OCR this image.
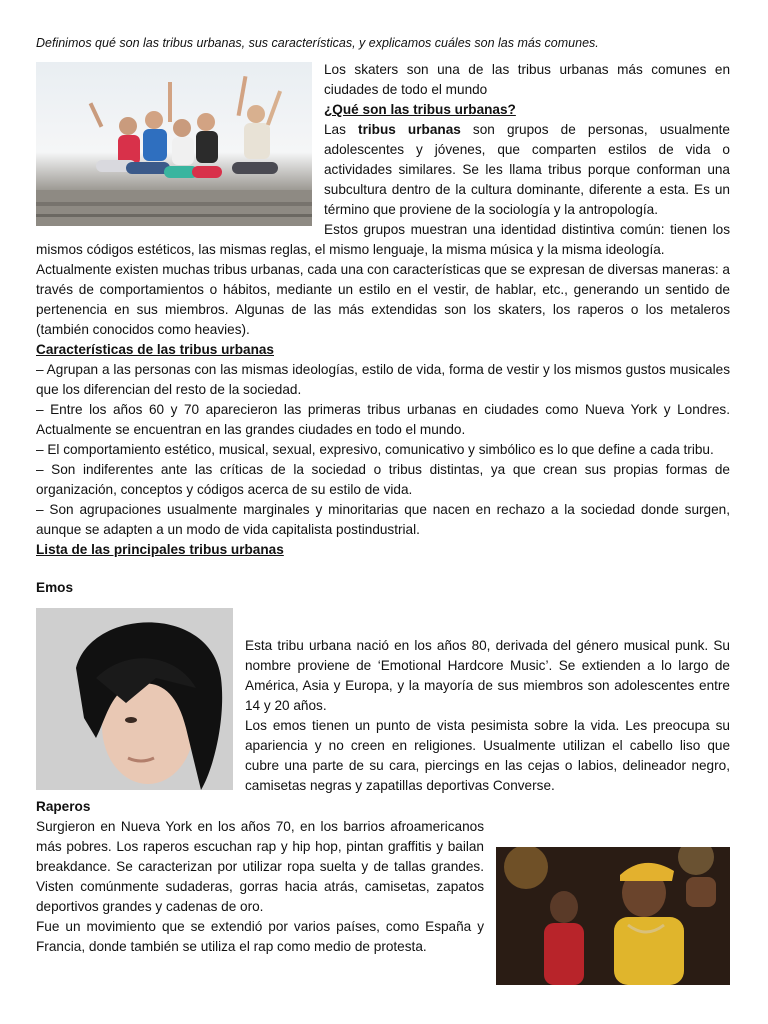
Definimos qué son las tribus urbanas, sus características, y explicamos cuáles son las más comunes.

Los skaters son una de las tribus urbanas más comunes en ciudades de todo el mundo

¿Qué son las tribus urbanas?

Las tribus urbanas son grupos de personas, usualmente adolescentes y jóvenes, que comparten estilos de vida o actividades similares. Se les llama tribus porque conforman una subcultura dentro de la cultura dominante, diferente a esta. Es un término que proviene de la sociología y la antropología.

Estos grupos muestran una identidad distintiva común: tienen los mismos códigos estéticos, las mismas reglas, el mismo lenguaje, la misma música y la misma ideología.

Actualmente existen muchas tribus urbanas, cada una con características que se expresan de diversas maneras: a través de comportamientos o hábitos, mediante un estilo en el vestir, de hablar, etc., generando un sentido de pertenencia en sus miembros. Algunas de las más extendidas son los skaters, los raperos o los metaleros (también conocidos como heavies).

Características de las tribus urbanas

– Agrupan a las personas con las mismas ideologías, estilo de vida, forma de vestir y los mismos gustos musicales que los diferencian del resto de la sociedad.

– Entre los años 60 y 70 aparecieron las primeras tribus urbanas en ciudades como Nueva York y Londres. Actualmente se encuentran en las grandes ciudades en todo el mundo.

– El comportamiento estético, musical, sexual, expresivo, comunicativo y simbólico es lo que define a cada tribu.

– Son indiferentes ante las críticas de la sociedad o tribus distintas, ya que crean sus propias formas de organización, conceptos y códigos acerca de su estilo de vida.

– Son agrupaciones usualmente marginales y minoritarias que nacen en rechazo a la sociedad donde surgen, aunque se adapten a un modo de vida capitalista postindustrial.

Lista de las principales tribus urbanas
Emos

Esta tribu urbana nació en los años 80, derivada del género musical punk. Su nombre proviene de ‘Emotional Hardcore Music’. Se extienden a lo largo de América, Asia y Europa, y la mayoría de sus miembros son adolescentes entre 14 y 20 años.

Los emos tienen un punto de vista pesimista sobre la vida. Les preocupa su apariencia y no creen en religiones. Usualmente utilizan el cabello liso que cubre una parte de su cara, piercings en las cejas o labios, delineador negro, camisetas negras y zapatillas deportivas Converse.

Raperos

Surgieron en Nueva York en los años 70, en los barrios afroamericanos más pobres. Los raperos escuchan rap y hip hop, pintan graffitis y bailan breakdance. Se caracterizan por utilizar ropa suelta y de tallas grandes. Visten comúnmente sudaderas, gorras hacia atrás, camisetas, zapatos deportivos grandes y cadenas de oro.

Fue un movimiento que se extendió por varios países, como España y Francia, donde también se utiliza el rap como medio de protesta.
